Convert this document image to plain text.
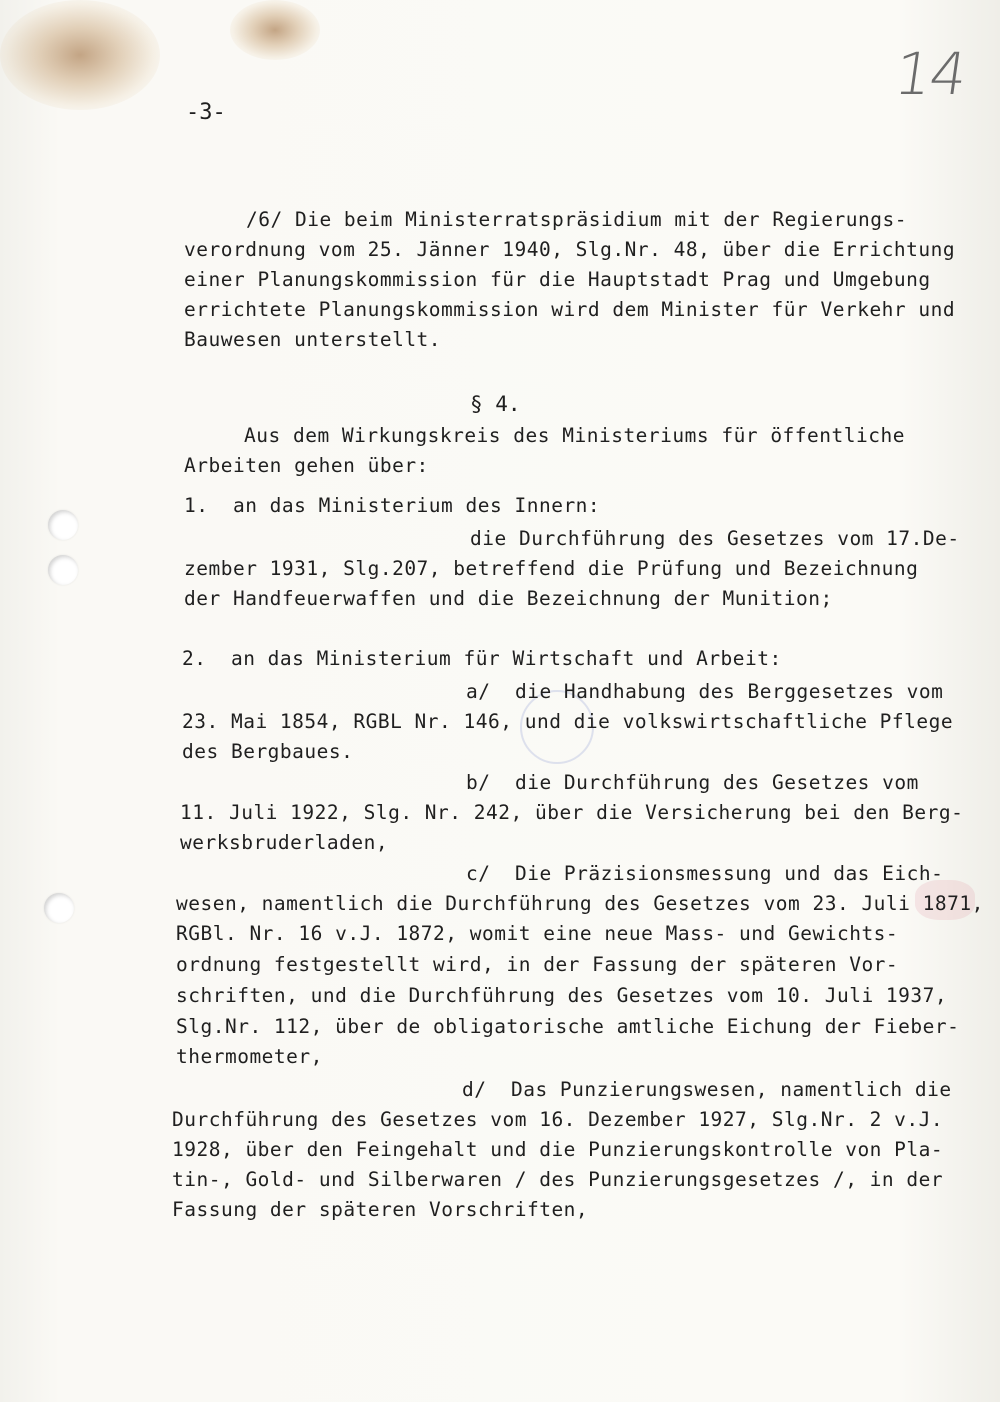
14
-3-
/6/ Die beim Ministerratspräsidium mit der Regierungs-
verordnung vom 25. Jänner 1940, Slg.Nr. 48, über die Errichtung
einer Planungskommission für die Hauptstadt Prag und Umgebung
errichtete Planungskommission wird dem Minister für Verkehr und
Bauwesen unterstellt.
§ 4.
Aus dem Wirkungskreis des Ministeriums für öffentliche
Arbeiten gehen über:
1.  an das Ministerium des Innern:
die Durchführung des Gesetzes vom 17.De-
zember 1931, Slg.207, betreffend die Prüfung und Bezeichnung
der Handfeuerwaffen und die Bezeichnung der Munition;
2.  an das Ministerium für Wirtschaft und Arbeit:
a/  die Handhabung des Berggesetzes vom
23. Mai 1854, RGBL Nr. 146, und die volkswirtschaftliche Pflege
des Bergbaues.
b/  die Durchführung des Gesetzes vom
11. Juli 1922, Slg. Nr. 242, über die Versicherung bei den Berg-
werksbruderladen,
c/  Die Präzisionsmessung und das Eich-
wesen, namentlich die Durchführung des Gesetzes vom 23. Juli 1871,
RGBl. Nr. 16 v.J. 1872, womit eine neue Mass- und Gewichts-
ordnung festgestellt wird, in der Fassung der späteren Vor-
schriften, und die Durchführung des Gesetzes vom 10. Juli 1937,
Slg.Nr. 112, über de obligatorische amtliche Eichung der Fieber-
thermometer,
d/  Das Punzierungswesen, namentlich die
Durchführung des Gesetzes vom 16. Dezember 1927, Slg.Nr. 2 v.J.
1928, über den Feingehalt und die Punzierungskontrolle von Pla-
tin-, Gold- und Silberwaren / des Punzierungsgesetzes /, in der
Fassung der späteren Vorschriften,
